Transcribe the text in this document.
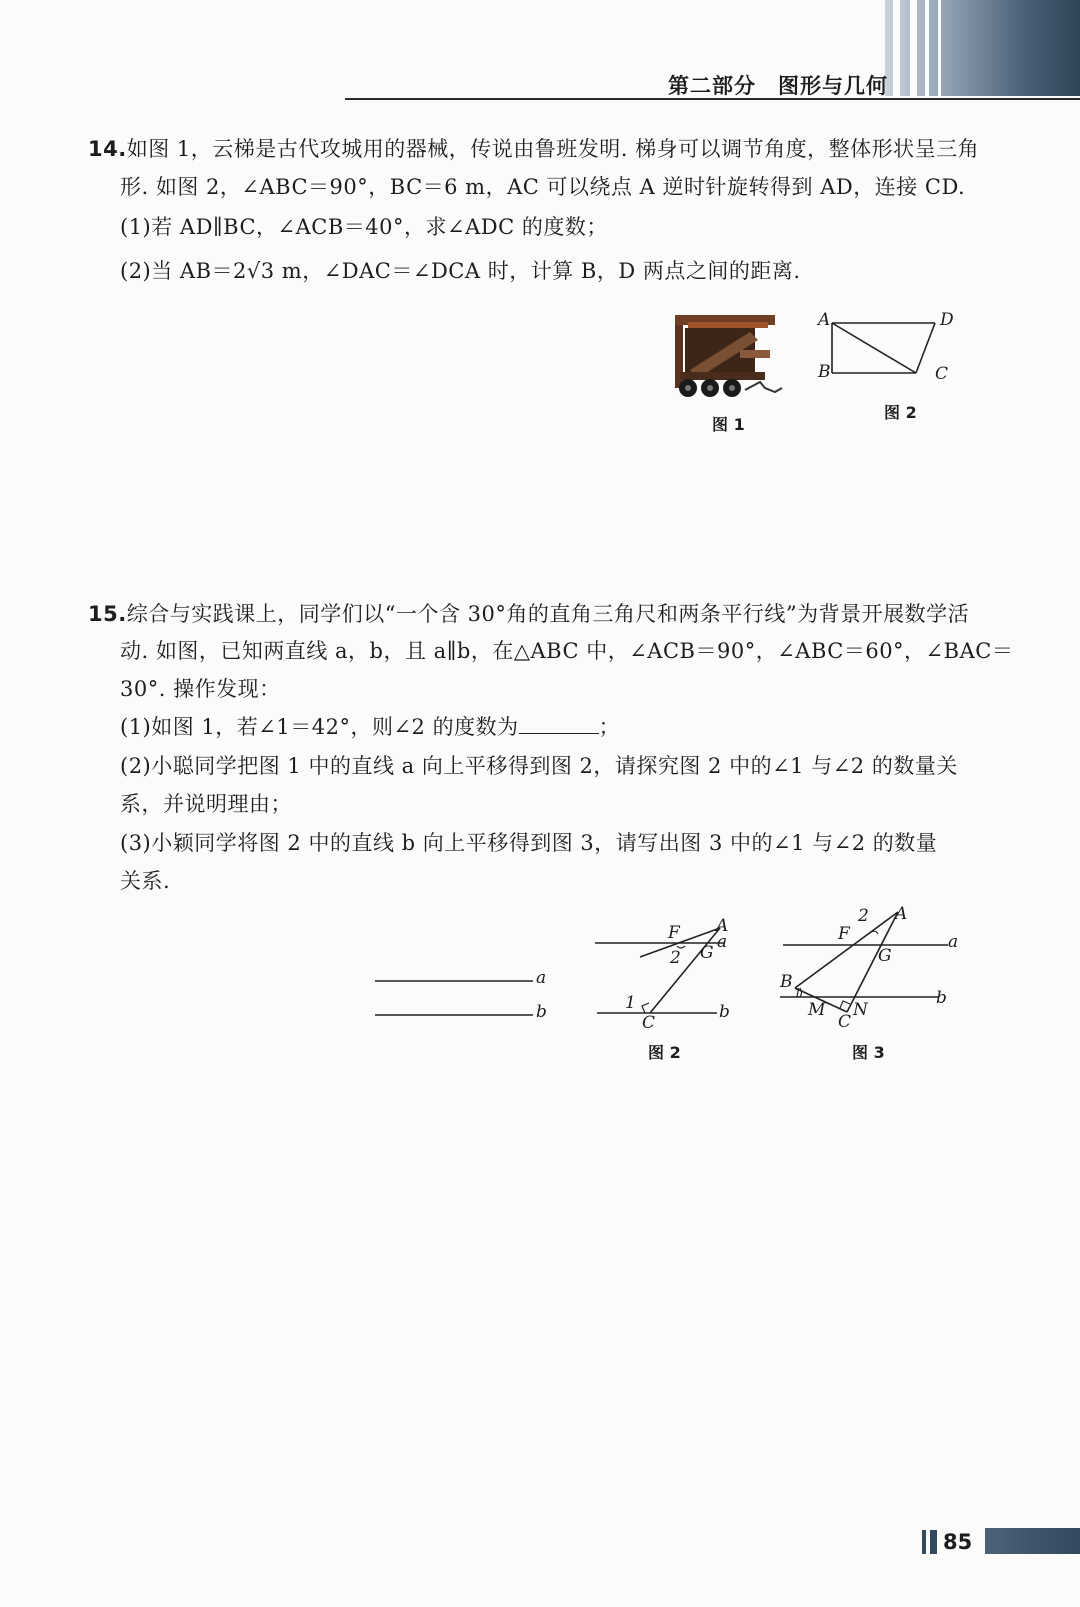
第二部分　图形与几何
14.如图 1，云梯是古代攻城用的器械，传说由鲁班发明. 梯身可以调节角度，整体形状呈三角
形. 如图 2，∠ABC＝90°，BC＝6 m，AC 可以绕点 A 逆时针旋转得到 AD，连接 CD.
(1)若 AD∥BC，∠ACB＝40°，求∠ADC 的度数；
(2)当 AB＝2√3 m，∠DAC＝∠DCA 时，计算 B，D 两点之间的距离.
图 1
A	D
B	C
图 2
15.综合与实践课上，同学们以“一个含 30°角的直角三角尺和两条平行线”为背景开展数学活
动. 如图，已知两直线 a，b，且 a∥b，在△ABC 中，∠ACB＝90°，∠ABC＝60°，∠BAC＝
30°. 操作发现：
(1)如图 1，若∠1＝42°，则∠2 的度数为	；
(2)小聪同学把图 1 中的直线 a 向上平移得到图 2，请探究图 2 中的∠1 与∠2 的数量关
系，并说明理由；
(3)小颖同学将图 2 中的直线 b 向上平移得到图 3，请写出图 3 中的∠1 与∠2 的数量
关系.
a
b
F A
a
2 G
1
C
b
图 2
2 A
F	a
G
B
1	b
M N
C
图 3
85
